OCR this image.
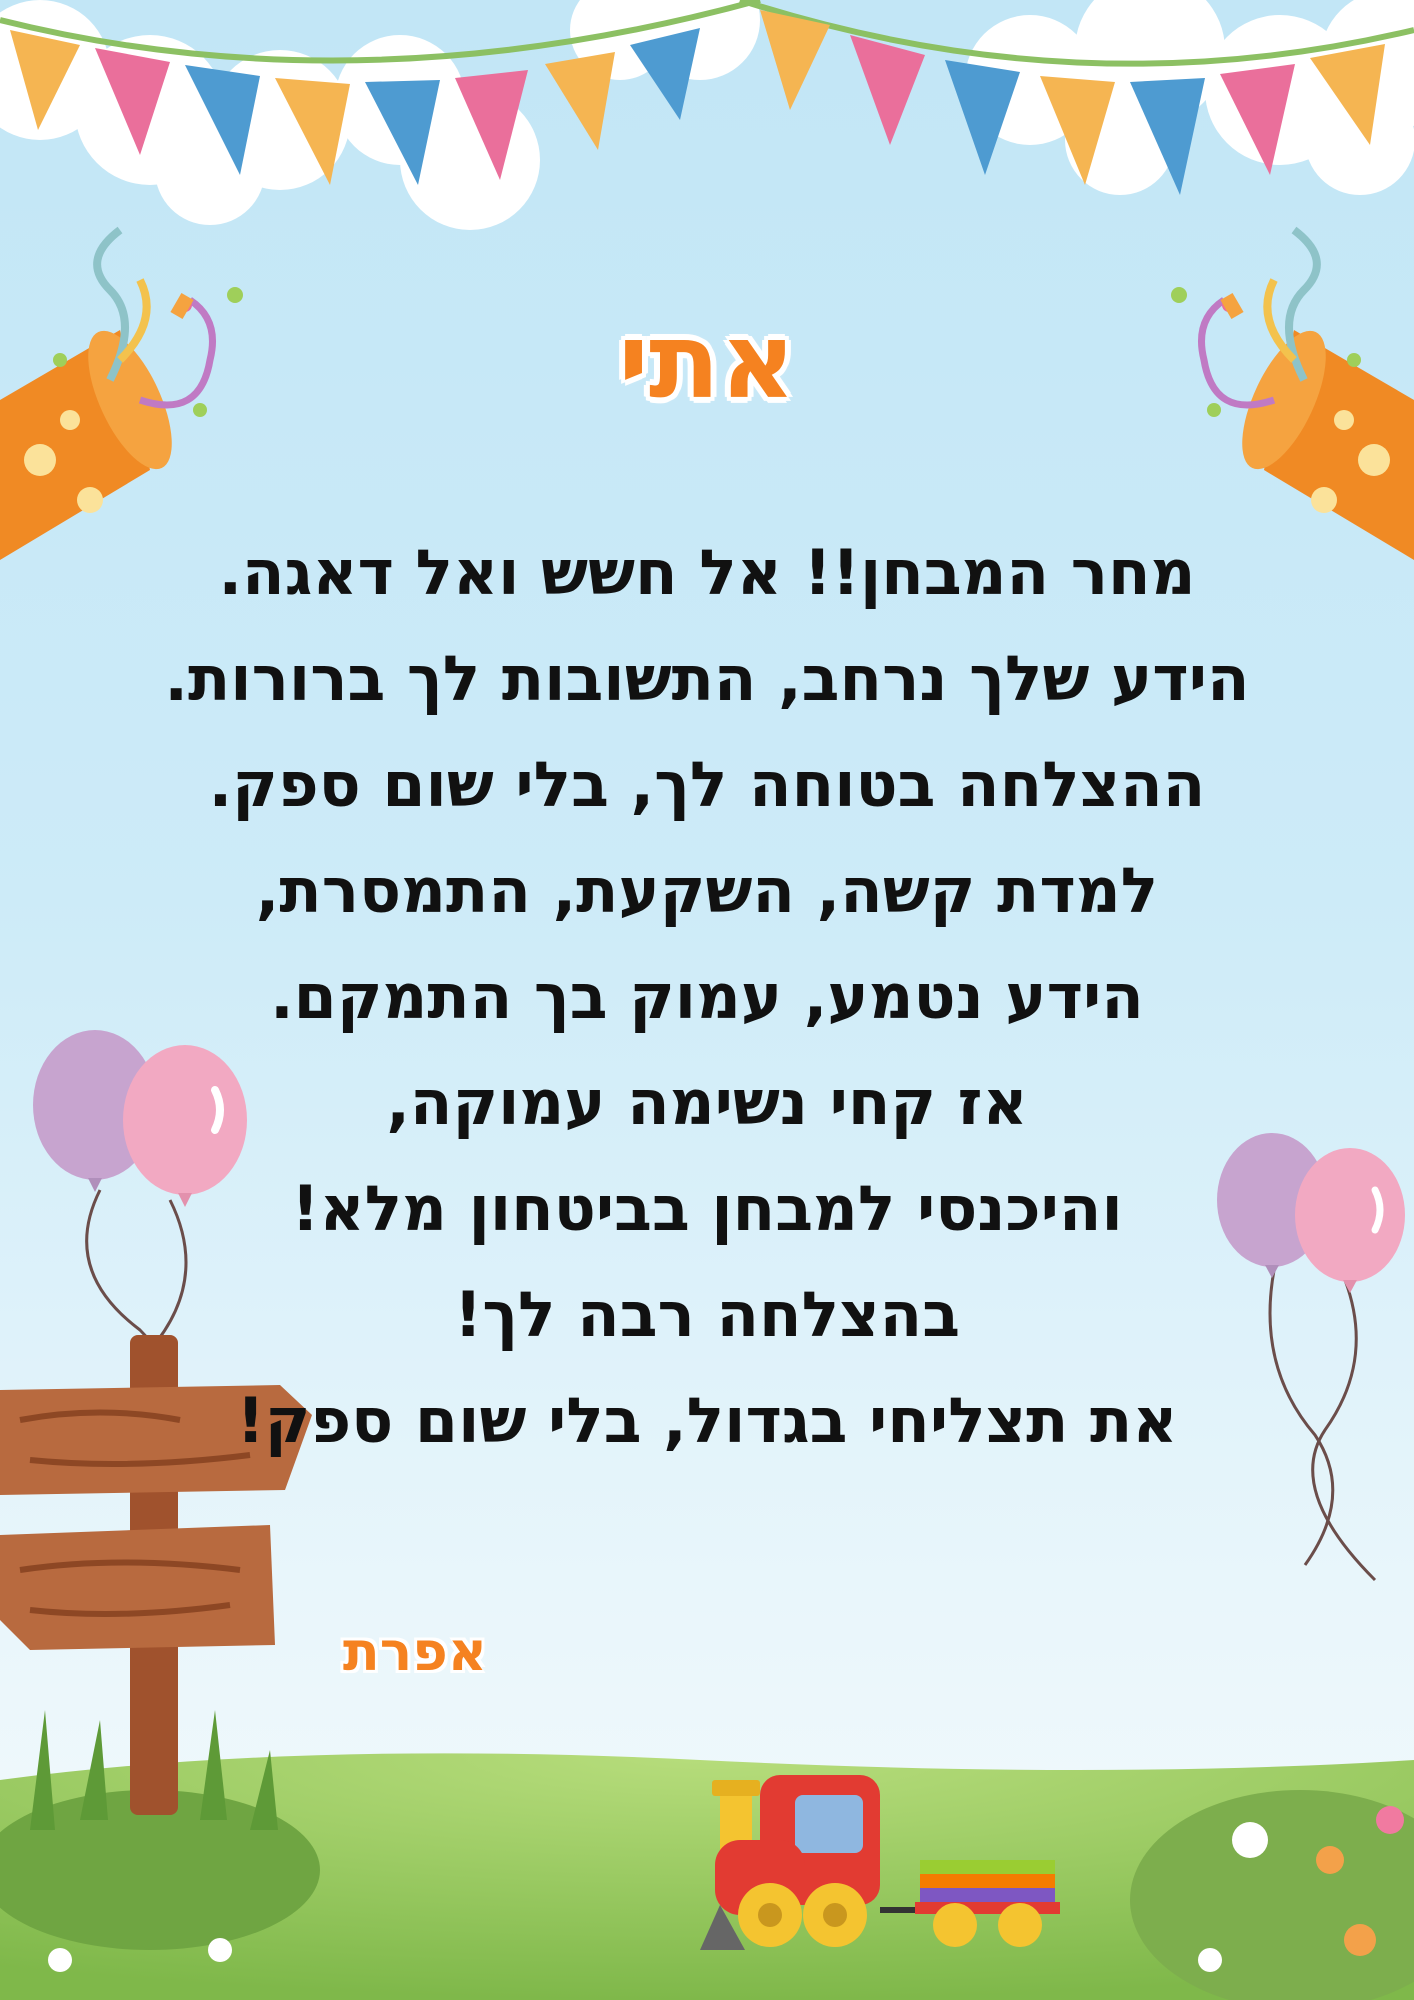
אתי
מחר המבחן!! אל חשש ואל דאגה.
הידע שלך נרחב, התשובות לך ברורות.
ההצלחה בטוחה לך, בלי שום ספק.
למדת קשה, השקעת, התמסרת,
הידע נטמע, עמוק בך התמקם.
אז קחי נשימה עמוקה,
והיכנסי למבחן בביטחון מלא!
בהצלחה רבה לך!
את תצליחי בגדול, בלי שום ספק!
אפרת
